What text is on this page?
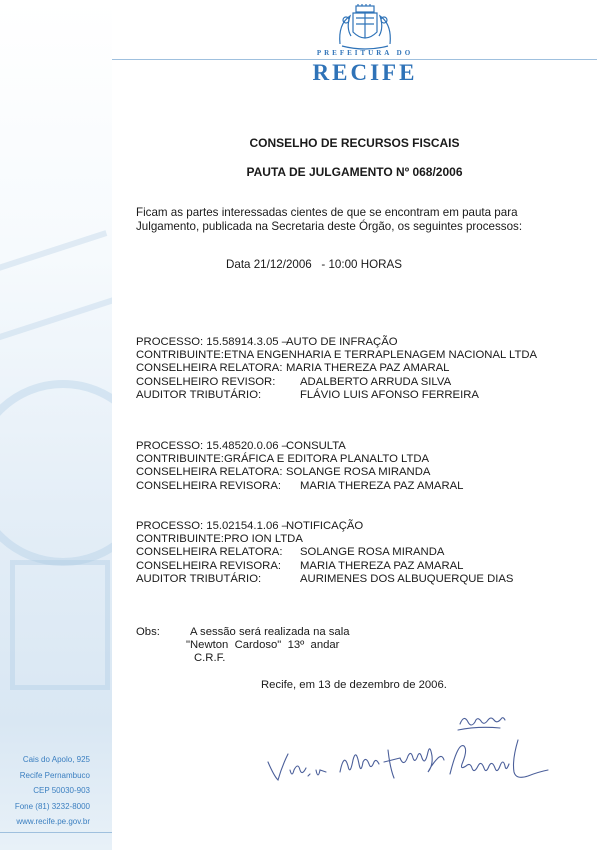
PREFEITURA DO
RECIFE
CONSELHO DE RECURSOS FISCAIS
PAUTA DE JULGAMENTO Nº 068/2006
Ficam as partes interessadas cientes de que se encontram em pauta para Julgamento, publicada na Secretaria deste Órgão, os seguintes processos:
Data 21/12/2006   - 10:00 HORAS
PROCESSO: 15.58914.3.05 –
AUTO DE INFRAÇÃO
CONTRIBUINTE: ETNA ENGENHARIA E TERRAPLENAGEM NACIONAL LTDA
CONSELHEIRA RELATORA: MARIA THEREZA PAZ AMARAL
CONSELHEIRO REVISOR: ADALBERTO ARRUDA SILVA
AUDITOR TRIBUTÁRIO:	FLÁVIO LUIS AFONSO FERREIRA
PROCESSO: 15.48520.0.06 –
CONSULTA
CONTRIBUINTE: GRÁFICA E EDITORA PLANALTO LTDA
CONSELHEIRA RELATORA: SOLANGE ROSA MIRANDA
CONSELHEIRA REVISORA: MARIA THEREZA PAZ AMARAL
PROCESSO: 15.02154.1.06 –
NOTIFICAÇÃO
CONTRIBUINTE: PRO ION LTDA
CONSELHEIRA RELATORA: SOLANGE ROSA MIRANDA
CONSELHEIRA REVISORA: MARIA THEREZA PAZ AMARAL
AUDITOR TRIBUTÁRIO:	AURIMENES DOS ALBUQUERQUE DIAS
Obs:	A sessão será realizada na sala
"Newton  Cardoso"  13º  andar
C.R.F.
Recife, em 13 de dezembro de 2006.
Cais do Apolo, 925
Recife Pernambuco
CEP 50030-903
Fone (81) 3232-8000
www.recife.pe.gov.br
